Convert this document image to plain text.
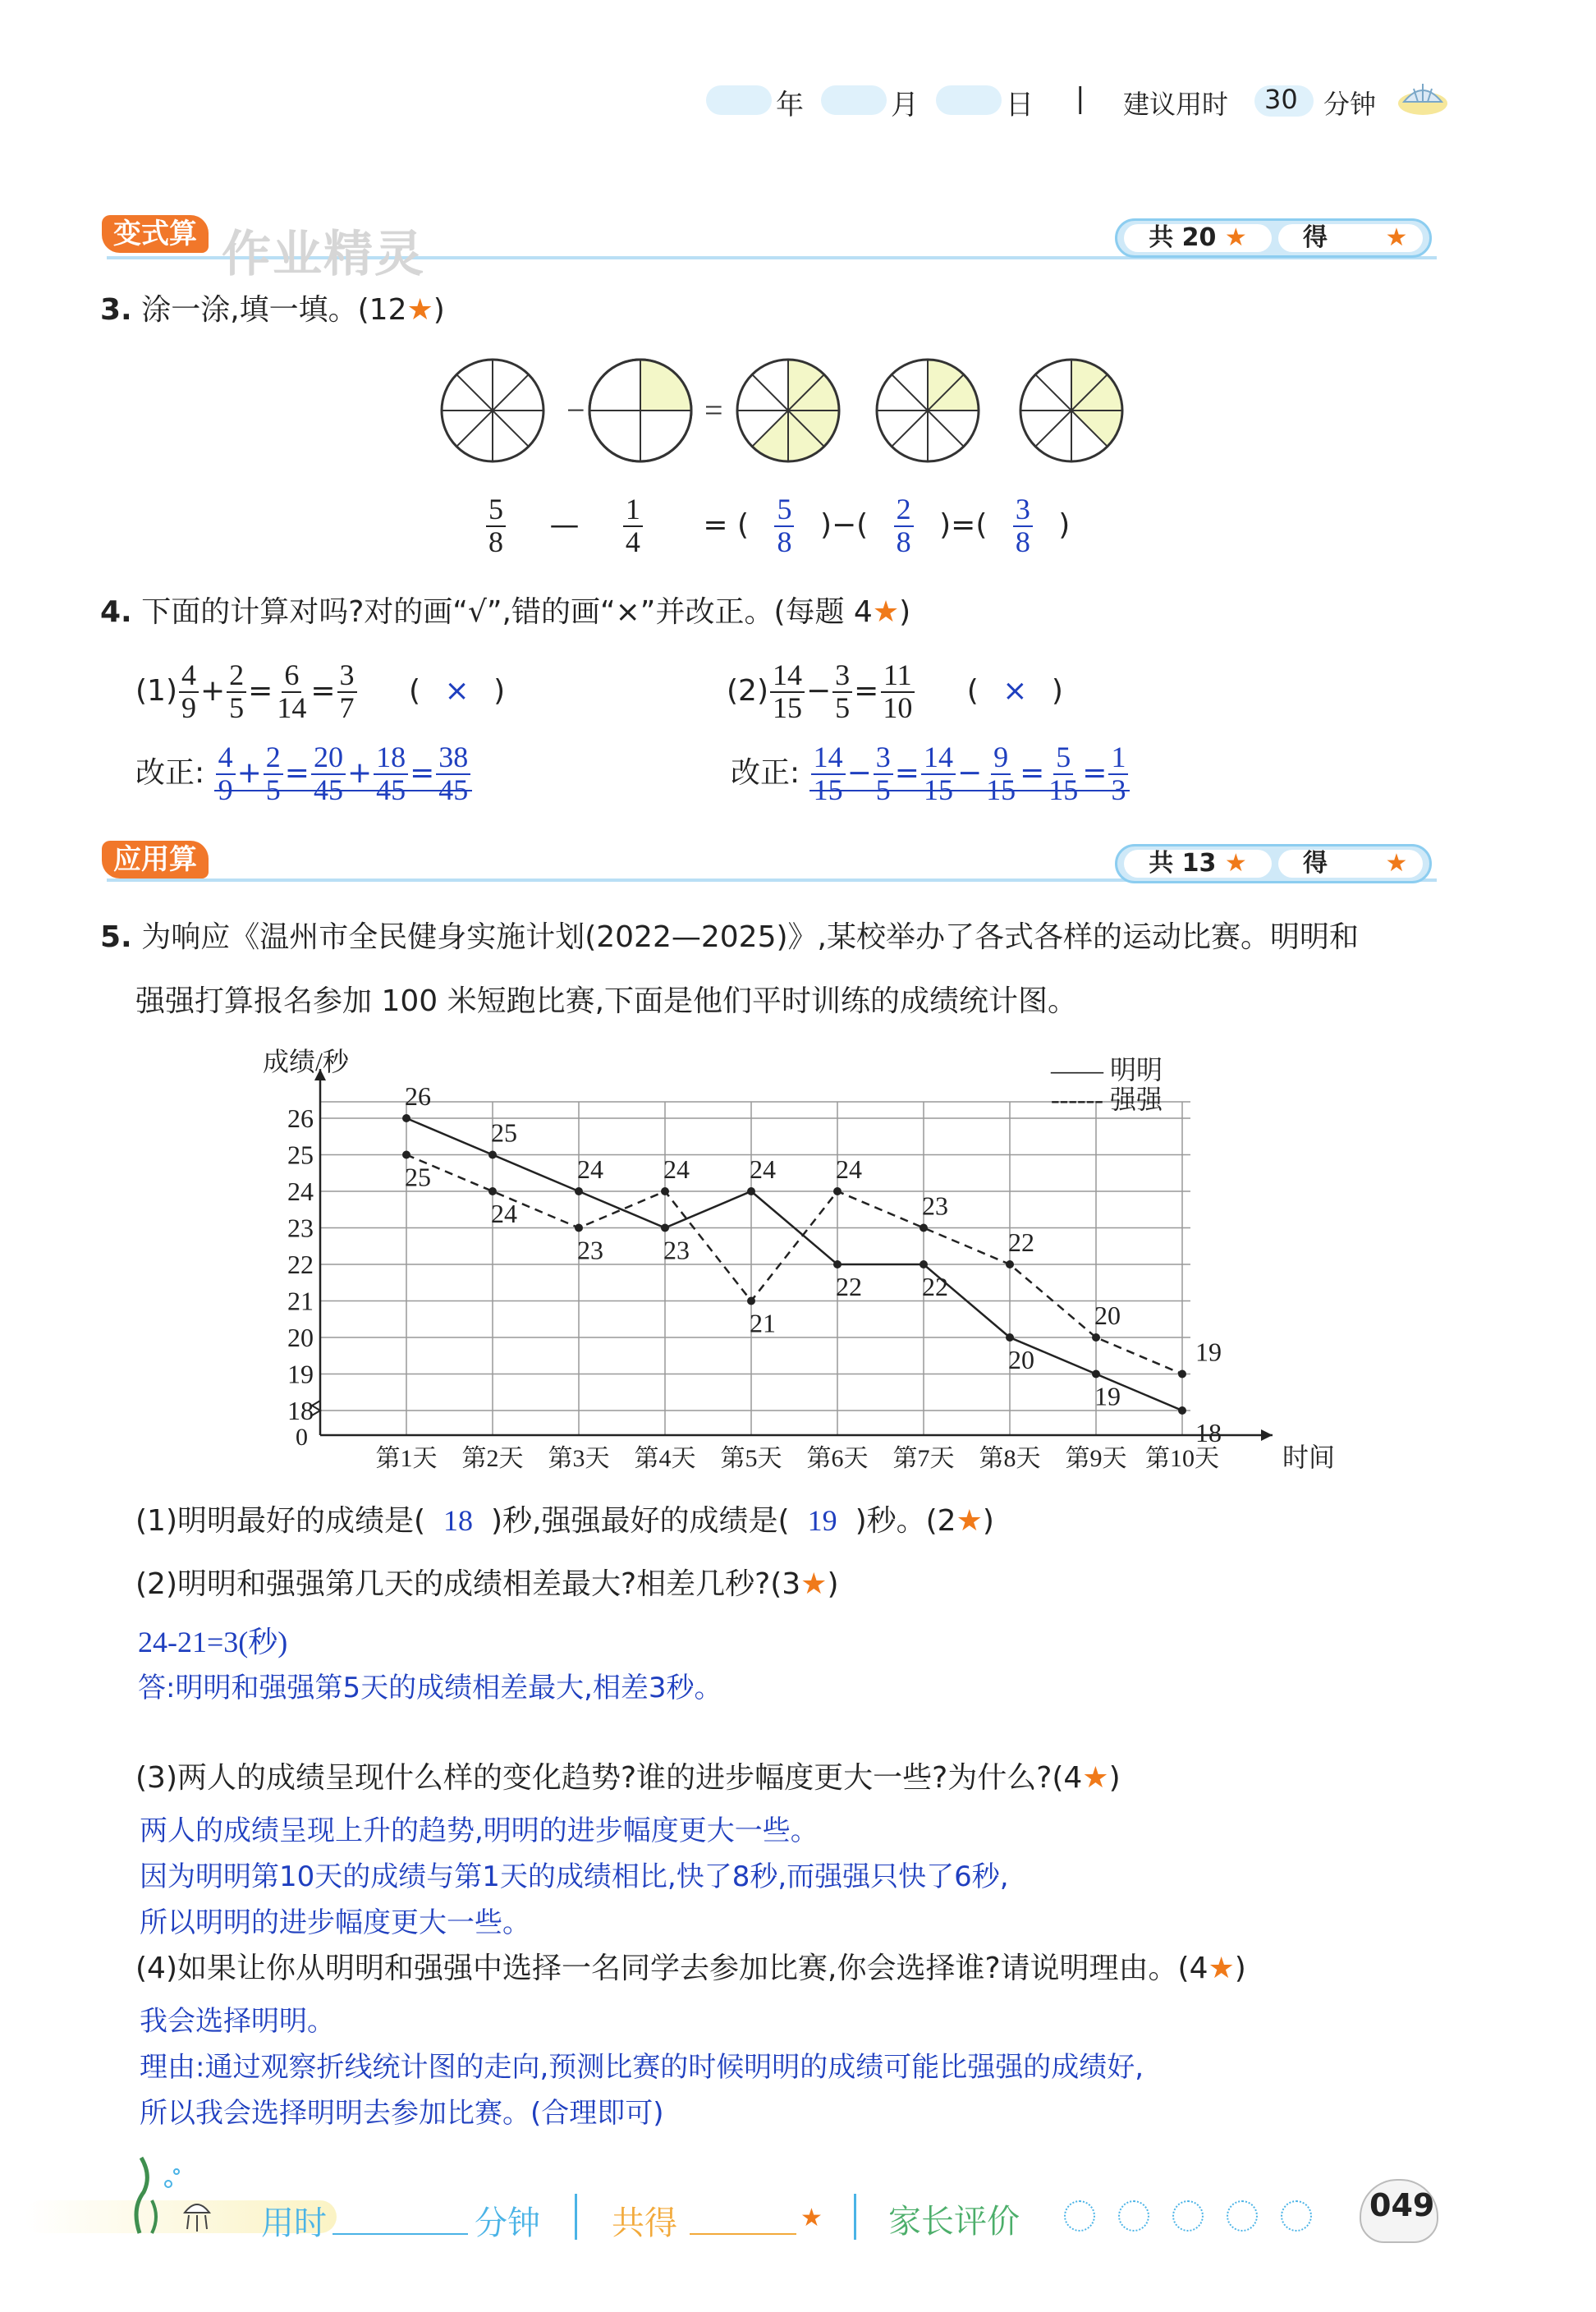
年	月	日 | 建议用时 30 分钟
变式算 作业精灵	共 20 ★	得 ★
3. 涂一涂,填一填。(12★)
−	=
$\frac{5}{8}$ — $\frac{1}{4}$ = ( $\frac{5}{8}$ )−( $\frac{2}{8}$ )=( $\frac{3}{8}$ )
4. 下面的计算对吗?对的画“√”,错的画“×”并改正。(每题 4★)
$(1) \frac{4}{9} + \frac{2}{5} = \frac{6}{14} = \frac{3}{7}$ ( × )	$(2) \frac{14}{15} - \frac{3}{5} = \frac{11}{10}$ ( × )
改正: $\frac{4}{9} + \frac{2}{5} = \frac{20}{45} + \frac{18}{45} = \frac{38}{45}$	改正: $\frac{14}{15} - \frac{3}{5} = \frac{14}{15} - \frac{9}{15} = \frac{5}{15} = \frac{1}{3}$
应用算	共 13 ★	得 ★
5. 为响应《温州市全民健身实施计划(2022—2025)》,某校举办了各式各样的运动比赛。明明和
强强打算报名参加 100 米短跑比赛,下面是他们平时训练的成绩统计图。
成绩/秒
时间
0
18
19
20
21
22
23
24
25
26
第1天 第2天 第3天 第4天 第5天 第6天 第7天 第8天 第9天 第10天
—— 明明
------ 强强
26
25
24
23
24
22 22
20
19
18
25
24
23
24
21
24
23
22
20
19
(1)明明最好的成绩是( 18 )秒,强强最好的成绩是( 19 )秒。(2★)
(2)明明和强强第几天的成绩相差最大?相差几秒?(3★)
24-21=3(秒)
答:明明和强强第5天的成绩相差最大,相差3秒。
(3)两人的成绩呈现什么样的变化趋势?谁的进步幅度更大一些?为什么?(4★)
两人的成绩呈现上升的趋势,明明的进步幅度更大一些。
因为明明第10天的成绩与第1天的成绩相比,快了8秒,而强强只快了6秒,
所以明明的进步幅度更大一些。
(4)如果让你从明明和强强中选择一名同学去参加比赛,你会选择谁?请说明理由。(4★)
我会选择明明。
理由:通过观察折线统计图的走向,预测比赛的时候明明的成绩可能比强强的成绩好,
所以我会选择明明去参加比赛。(合理即可)
用时	分钟 共得	★ 家长评价	049
